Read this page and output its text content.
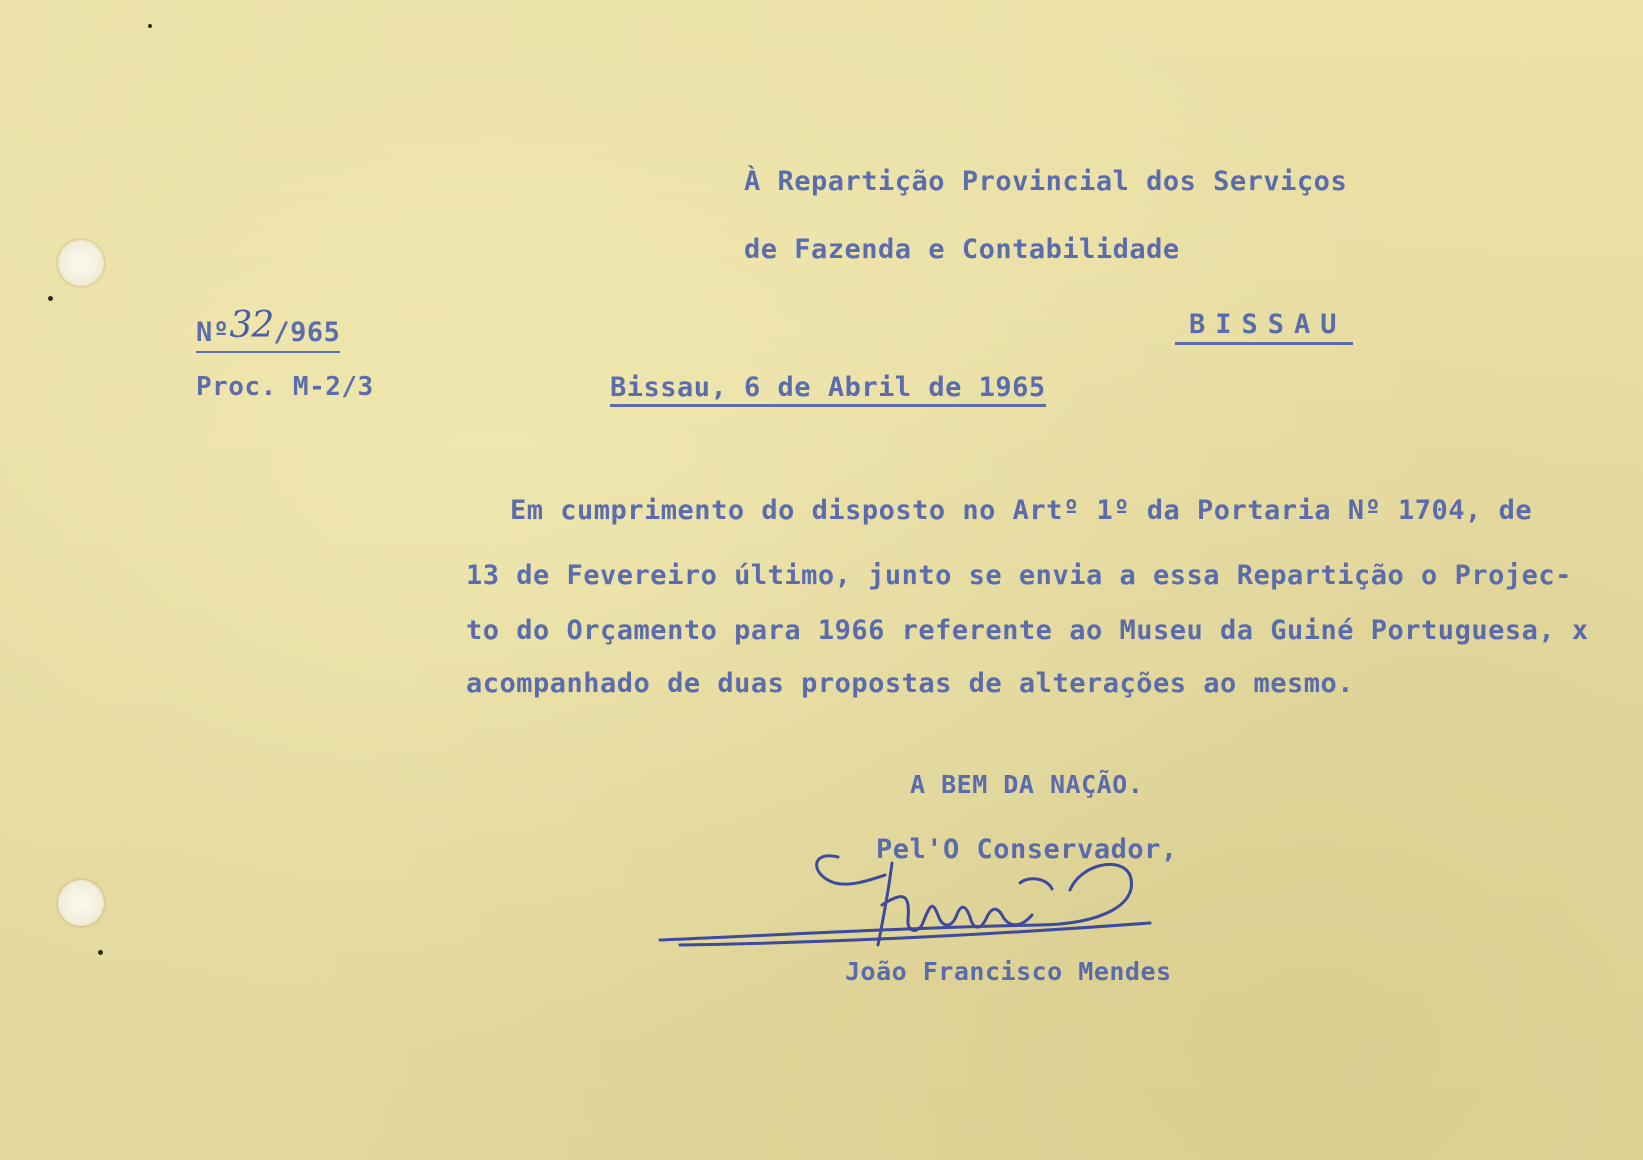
À Repartição Provincial dos Serviços
de Fazenda e Contabilidade
Nº32/965	BISSAU
Proc. M-2/3	Bissau, 6 de Abril de 1965
Em cumprimento do disposto no Artº 1º da Portaria Nº 1704, de
13 de Fevereiro último, junto se envia a essa Repartição o Projec-
to do Orçamento para 1966 referente ao Museu da Guiné Portuguesa, x
acompanhado de duas propostas de alterações ao mesmo.
A BEM DA NAÇÃO.
Pel'O Conservador,
João Francisco Mendes
